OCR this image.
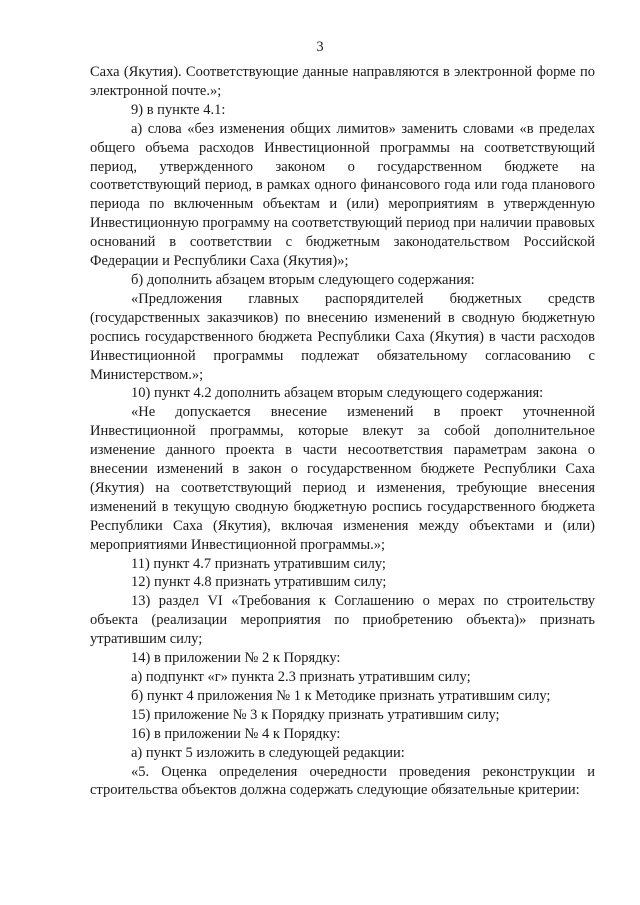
3

Саха (Якутия). Соответствующие данные направляются в электронной форме по электронной почте.»;

9) в пункте 4.1:

а) слова «без изменения общих лимитов» заменить словами «в пределах общего объема расходов Инвестиционной программы на соответствующий период, утвержденного законом о государственном бюджете на соответствующий период, в рамках одного финансового года или года планового периода по включенным объектам и (или) мероприятиям в утвержденную Инвестиционную программу на соответствующий период при наличии правовых оснований в соответствии с бюджетным законодательством Российской Федерации и Республики Саха (Якутия)»;

б) дополнить абзацем вторым следующего содержания:

«Предложения главных распорядителей бюджетных средств (государственных заказчиков) по внесению изменений в сводную бюджетную роспись государственного бюджета Республики Саха (Якутия) в части расходов Инвестиционной программы подлежат обязательному согласованию с Министерством.»;

10) пункт 4.2 дополнить абзацем вторым следующего содержания:

«Не допускается внесение изменений в проект уточненной Инвестиционной программы, которые влекут за собой дополнительное изменение данного проекта в части несоответствия параметрам закона о внесении изменений в закон о государственном бюджете Республики Саха (Якутия) на соответствующий период и изменения, требующие внесения изменений в текущую сводную бюджетную роспись государственного бюджета Республики Саха (Якутия), включая изменения между объектами и (или) мероприятиями Инвестиционной программы.»;

11) пункт 4.7 признать утратившим силу;

12) пункт 4.8 признать утратившим силу;

13) раздел VI «Требования к Соглашению о мерах по строительству объекта (реализации мероприятия по приобретению объекта)» признать утратившим силу;

14) в приложении № 2 к Порядку:

а) подпункт «г» пункта 2.3 признать утратившим силу;

б) пункт 4 приложения № 1 к Методике признать утратившим силу;

15) приложение № 3 к Порядку признать утратившим силу;

16) в приложении № 4 к Порядку:

а) пункт 5 изложить в следующей редакции:

«5. Оценка определения очередности проведения реконструкции и строительства объектов должна содержать следующие обязательные критерии:
